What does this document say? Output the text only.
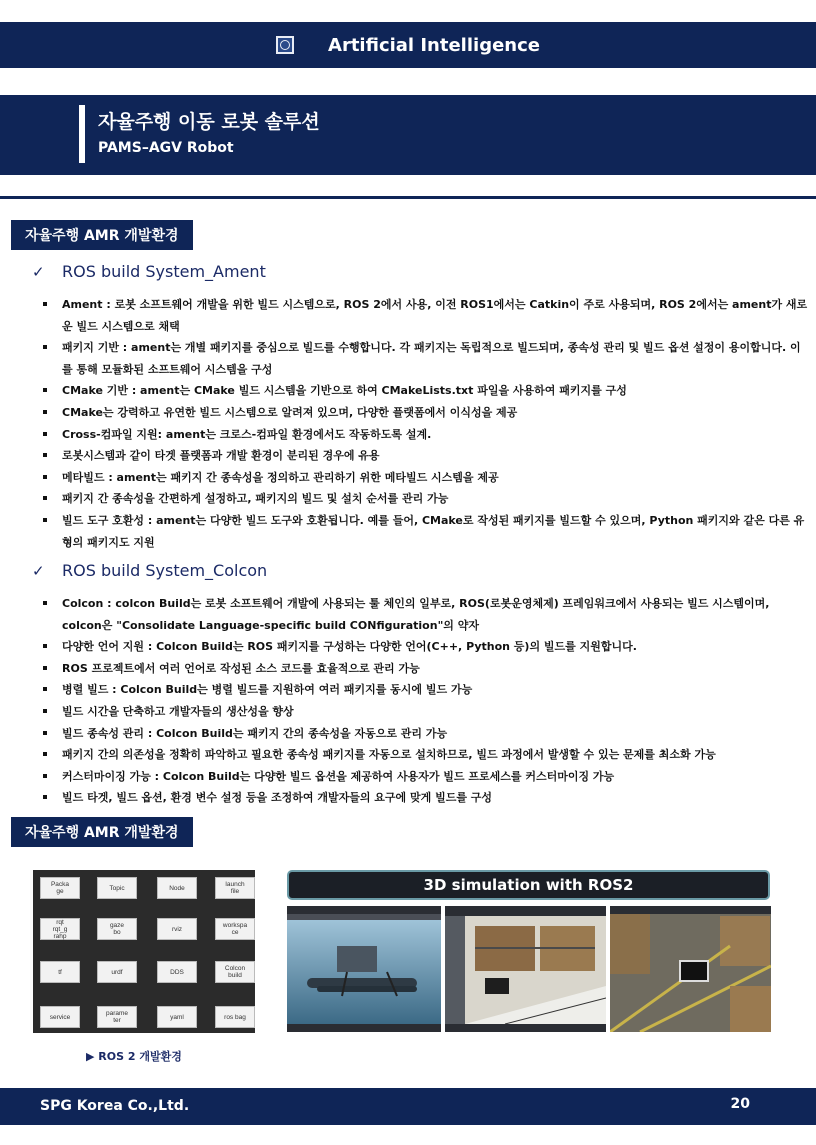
Artificial Intelligence
자율주행 이동 로봇 솔루션
PAMS–AGV Robot
자율주행 AMR 개발환경
✓	ROS build System_Ament
Ament : 로봇 소프트웨어 개발을 위한 빌드 시스템으로, ROS 2에서 사용, 이전 ROS1에서는 Catkin이 주로 사용되며, ROS 2에서는 ament가 새로운 빌드 시스템으로 채택
패키지 기반 : ament는 개별 패키지를 중심으로 빌드를 수행합니다. 각 패키지는 독립적으로 빌드되며, 종속성 관리 및 빌드 옵션 설정이 용이합니다. 이를 통해 모듈화된 소프트웨어 시스템을 구성
CMake 기반 : ament는 CMake 빌드 시스템을 기반으로 하여 CMakeLists.txt 파일을 사용하여 패키지를 구성
CMake는 강력하고 유연한 빌드 시스템으로 알려져 있으며, 다양한 플랫폼에서 이식성을 제공
Cross-컴파일 지원: ament는 크로스-컴파일 환경에서도 작동하도록 설계.
로봇시스템과 같이 타겟 플랫폼과 개발 환경이 분리된 경우에 유용
메타빌드 : ament는 패키지 간 종속성을 정의하고 관리하기 위한 메타빌드 시스템을 제공
패키지 간 종속성을 간편하게 설정하고, 패키지의 빌드 및 설치 순서를 관리 가능
빌드 도구 호환성 : ament는 다양한 빌드 도구와 호환됩니다. 예를 들어, CMake로 작성된 패키지를 빌드할 수 있으며, Python 패키지와 같은 다른 유형의 패키지도 지원
✓	ROS build System_Colcon
Colcon : colcon Build는 로봇 소프트웨어 개발에 사용되는 툴 체인의 일부로, ROS(로봇운영체제) 프레임워크에서 사용되는 빌드 시스템이며, colcon은 "Consolidate Language-specific build CONfiguration"의 약자
다양한 언어 지원 : Colcon Build는 ROS 패키지를 구성하는 다양한 언어(C++, Python 등)의 빌드를 지원합니다.
ROS 프로젝트에서 여러 언어로 작성된 소스 코드를 효율적으로 관리 가능
병렬 빌드 : Colcon Build는 병렬 빌드를 지원하여 여러 패키지를 동시에 빌드 가능
빌드 시간을 단축하고 개발자들의 생산성을 향상
빌드 종속성 관리 : Colcon Build는 패키지 간의 종속성을 자동으로 관리 가능
패키지 간의 의존성을 정확히 파악하고 필요한 종속성 패키지를 자동으로 설치하므로, 빌드 과정에서 발생할 수 있는 문제를 최소화 가능
커스터마이징 가능 : Colcon Build는 다양한 빌드 옵션을 제공하여 사용자가 빌드 프로세스를 커스터마이징 가능
빌드 타겟, 빌드 옵션, 환경 변수 설정 등을 조정하여 개발자들의 요구에 맞게 빌드를 구성
자율주행 AMR 개발환경
Packa
ge	Topic	Node	launch
file
rqt
rqt_g
rahp
gaze
bo	rviz	workspa
ce
tf	urdf	DDS	Colcon
build
service	parame
ter	yaml	ros bag
▶ ROS 2 개발환경
3D simulation with ROS2
SPG Korea Co.,Ltd.	20
